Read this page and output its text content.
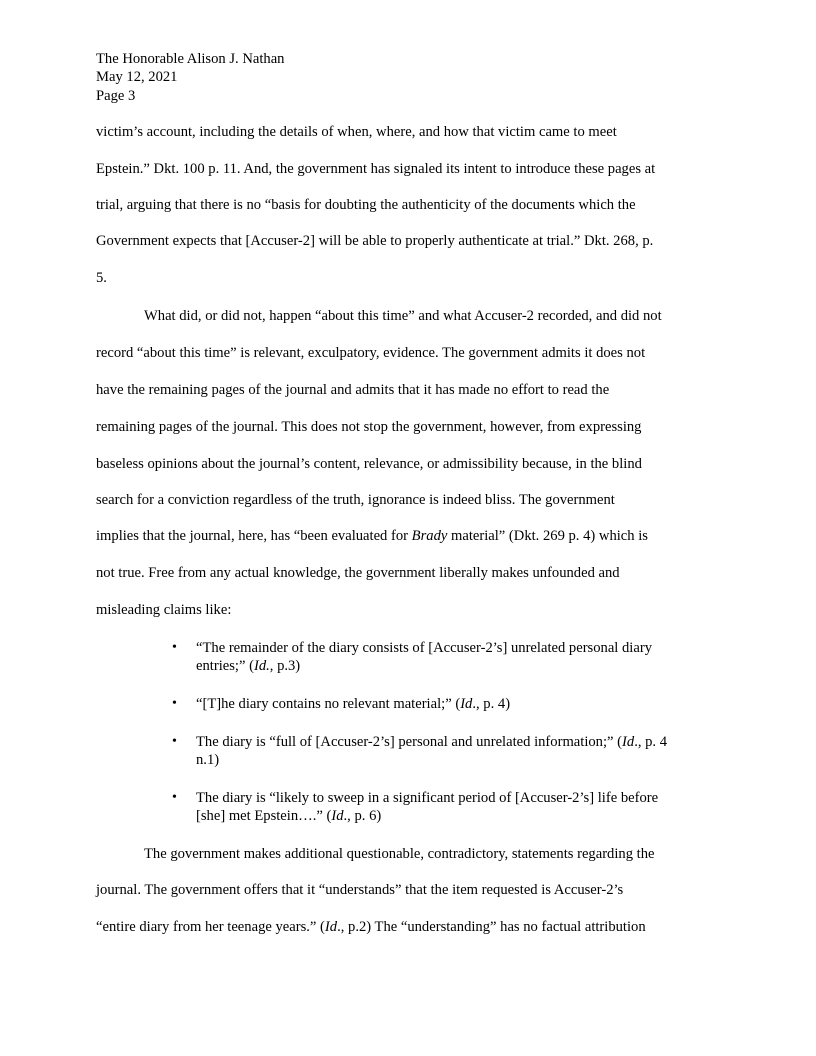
The Honorable Alison J. Nathan
May 12, 2021
Page 3
victim’s account, including the details of when, where, and how that victim came to meet
Epstein.” Dkt. 100 p. 11. And, the government has signaled its intent to introduce these pages at
trial, arguing that there is no “basis for doubting the authenticity of the documents which the
Government expects that [Accuser-2] will be able to properly authenticate at trial.” Dkt. 268, p.
5.
What did, or did not, happen “about this time” and what Accuser-2 recorded, and did not
record “about this time” is relevant, exculpatory, evidence. The government admits it does not
have the remaining pages of the journal and admits that it has made no effort to read the
remaining pages of the journal. This does not stop the government, however, from expressing
baseless opinions about the journal’s content, relevance, or admissibility because, in the blind
search for a conviction regardless of the truth, ignorance is indeed bliss. The government
implies that the journal, here, has “been evaluated for Brady material” (Dkt. 269 p. 4) which is
not true. Free from any actual knowledge, the government liberally makes unfounded and
misleading claims like:
• “The remainder of the diary consists of [Accuser-2’s] unrelated personal diary
entries;” (Id., p.3)
• “[T]he diary contains no relevant material;” (Id., p. 4)
• The diary is “full of [Accuser-2’s] personal and unrelated information;” (Id., p. 4
n.1)
• The diary is “likely to sweep in a significant period of [Accuser-2’s] life before
[she] met Epstein….” (Id., p. 6)
The government makes additional questionable, contradictory, statements regarding the
journal. The government offers that it “understands” that the item requested is Accuser-2’s
“entire diary from her teenage years.” (Id., p.2) The “understanding” has no factual attribution
